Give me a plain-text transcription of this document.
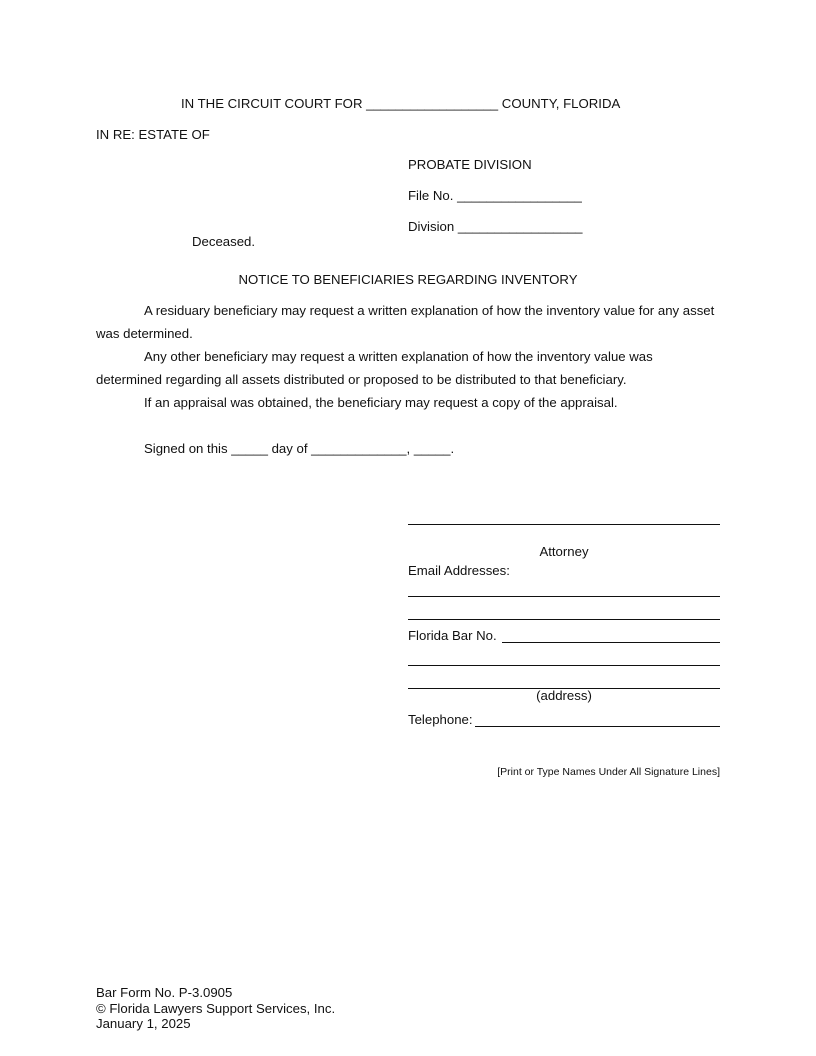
IN THE CIRCUIT COURT FOR __________________ COUNTY, FLORIDA
IN RE: ESTATE OF
PROBATE DIVISION
File No. _________________
Division _________________
Deceased.
NOTICE TO BENEFICIARIES REGARDING INVENTORY
A residuary beneficiary may request a written explanation of how the inventory value for any asset was determined.
Any other beneficiary may request a written explanation of how the inventory value was determined regarding all assets distributed or proposed to be distributed to that beneficiary.
If an appraisal was obtained, the beneficiary may request a copy of the appraisal.
Signed on this _____ day of _____________, _____.
Attorney
Email Addresses:
Florida Bar No.
(address)
Telephone:
[Print or Type Names Under All Signature Lines]
Bar Form No. P-3.0905
© Florida Lawyers Support Services, Inc.
January 1, 2025
